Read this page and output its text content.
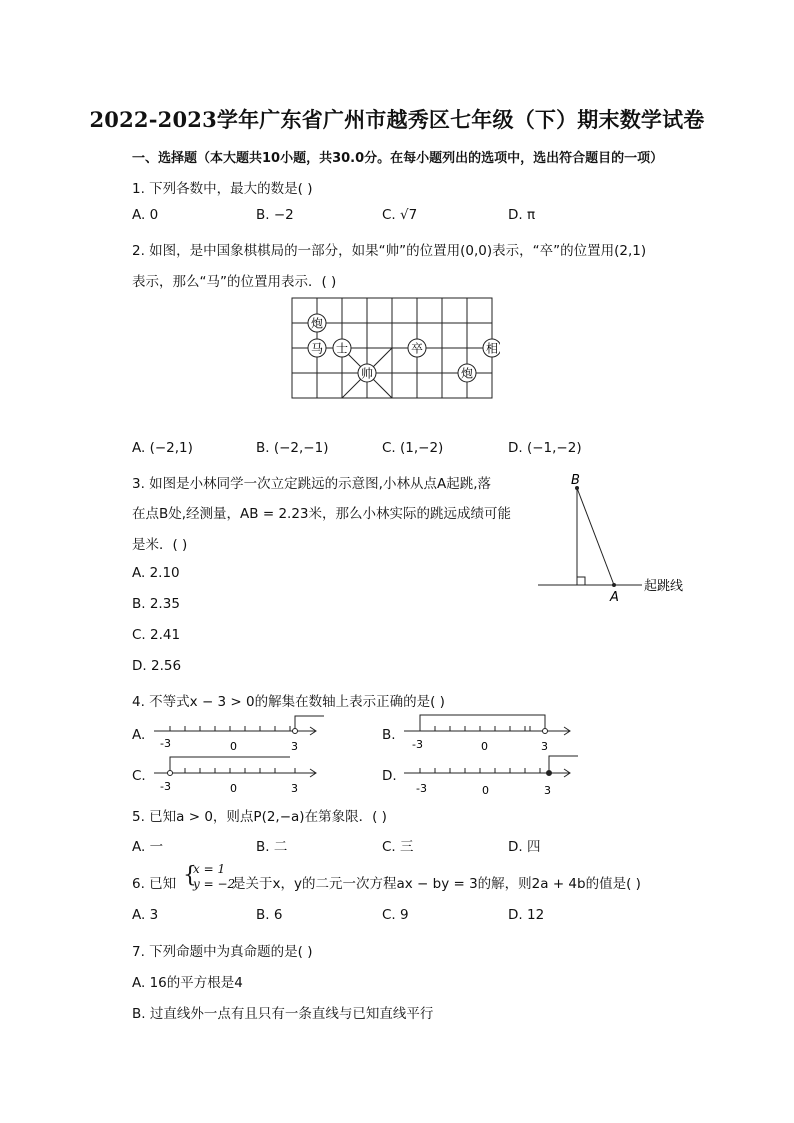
2022-2023学年广东省广州市越秀区七年级（下）期末数学试卷
一、选择题（本大题共10小题，共30.0分。在每小题列出的选项中，选出符合题目的一项）
1. 下列各数中，最大的数是( )
A. 0	B. −2	C. √7	D. π
2. 如图，是中国象棋棋局的一部分，如果“帅”的位置用(0,0)表示，“卒”的位置用(2,1)
表示，那么“马”的位置用表示．( )
炮
马 士	卒	相
帅	炮
A. (−2,1)	B. (−2,−1)	C. (1,−2)	D. (−1,−2)
3. 如图是小林同学一次立定跳远的示意图,小林从点A起跳,落
在点B处,经测量，AB = 2.23米，那么小林实际的跳远成绩可能
是米．( )
A. 2.10
B. 2.35
C. 2.41
D. 2.56
B
A
起跳线
4. 不等式x − 3 > 0的解集在数轴上表示正确的是( )
A.
-3	0	3
B.
-3	0	3
C.
-3	0	3
D.
-3	0	3
5. 已知a > 0，则点P(2,−a)在第象限．( )
A. 一	B. 二	C. 三	D. 四
6. 已知 {
x = 1
y = −2
是关于x，y的二元一次方程ax − by = 3的解，则2a + 4b的值是( )
A. 3	B. 6	C. 9	D. 12
7. 下列命题中为真命题的是( )
A. 16的平方根是4
B. 过直线外一点有且只有一条直线与已知直线平行
